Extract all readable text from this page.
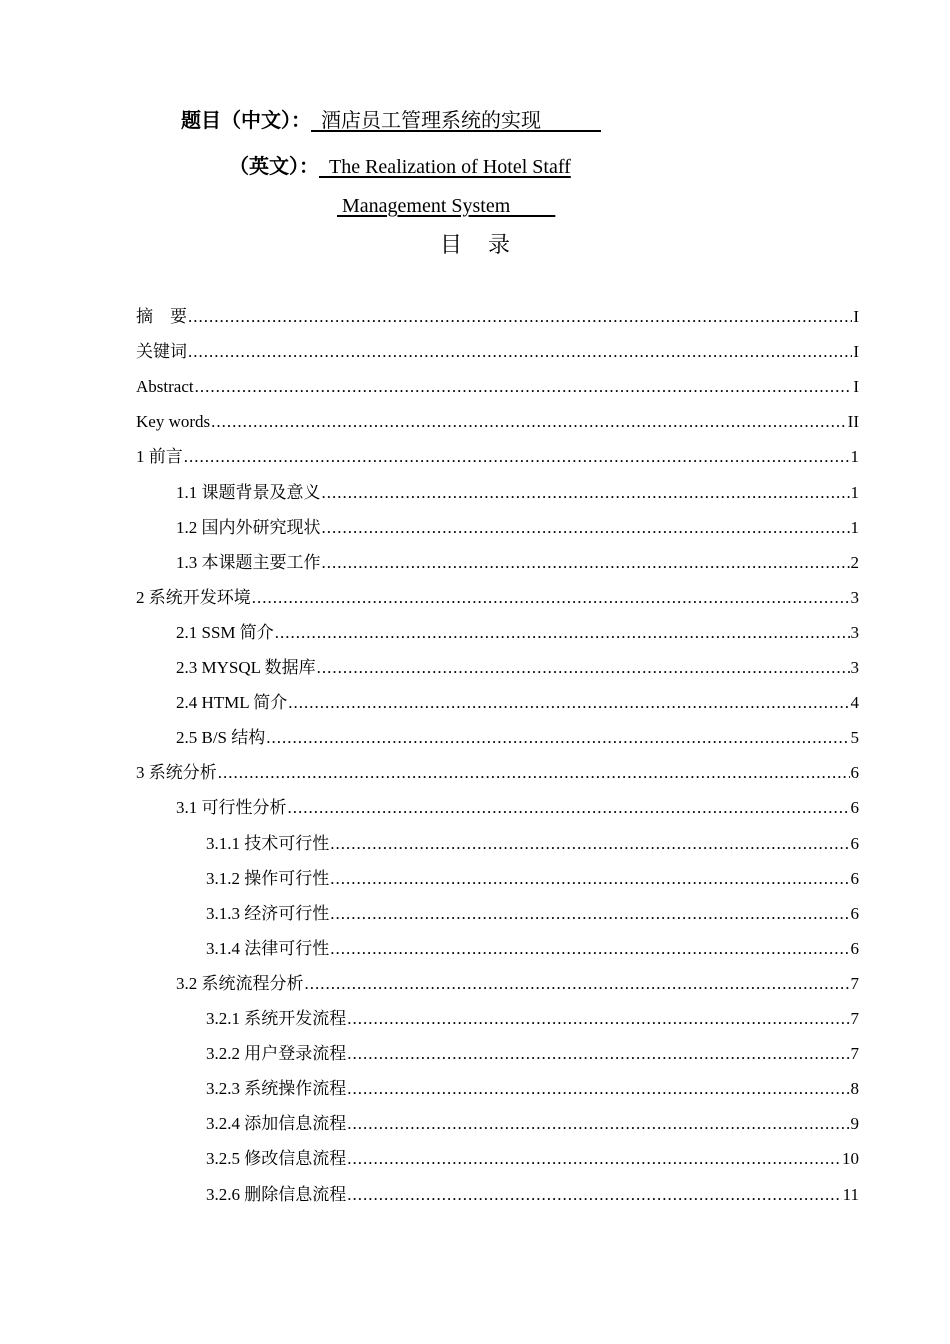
题目（中文）：  酒店员工管理系统的实现
（英文）：  The Realization of Hotel Staff
Management System
目录
摘    要 .....	I
关键词 .....	I
Abstract .....	I
Key words .....	II
1 前言 .....	1
1.1 课题背景及意义 .....	1
1.2 国内外研究现状 .....	1
1.3 本课题主要工作 .....	2
2 系统开发环境 .....	3
2.1 SSM 简介 .....	3
2.3 MYSQL 数据库 .....	3
2.4 HTML 简介 .....	4
2.5 B/S 结构 .....	5
3 系统分析 .....	6
3.1 可行性分析 .....	6
3.1.1 技术可行性 .....	6
3.1.2 操作可行性 .....	6
3.1.3 经济可行性 .....	6
3.1.4 法律可行性 .....	6
3.2 系统流程分析 .....	7
3.2.1 系统开发流程 .....	7
3.2.2 用户登录流程 .....	7
3.2.3 系统操作流程 .....	8
3.2.4 添加信息流程 .....	9
3.2.5 修改信息流程 .....	10
3.2.6 删除信息流程 .....	11
